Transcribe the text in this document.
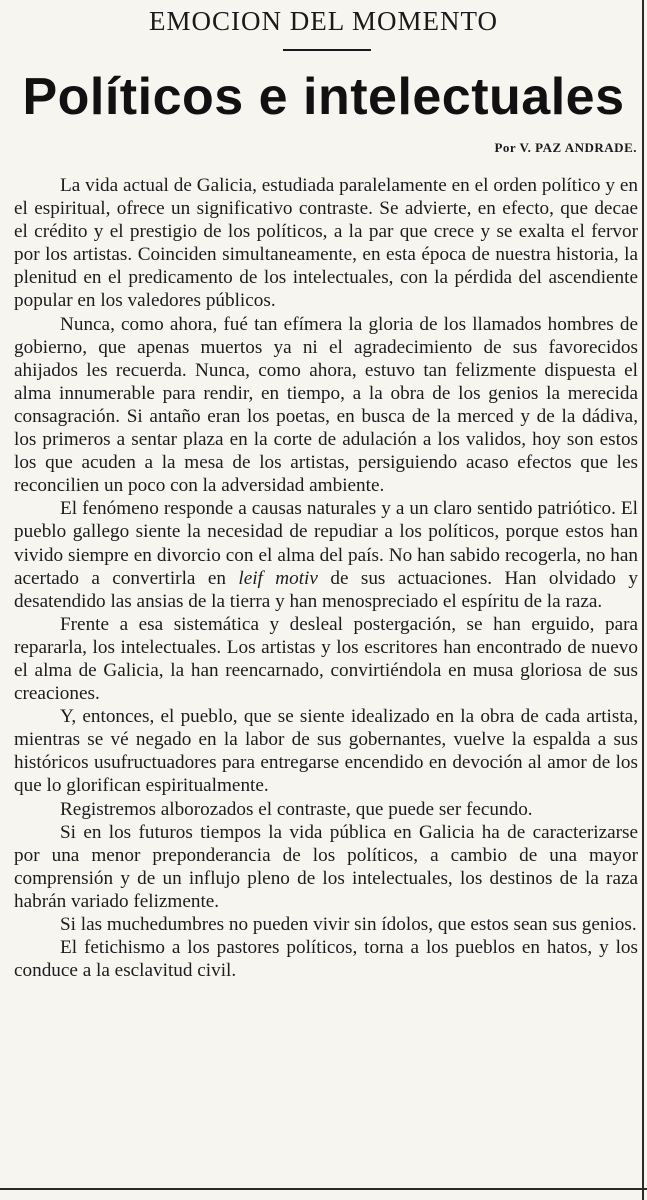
EMOCION DEL MOMENTO
Políticos e intelectuales
Por V. PAZ ANDRADE.

La vida actual de Galicia, estudiada paralelamente en el orden político y en el espiritual, ofrece un significativo contraste. Se advierte, en efecto, que decae el crédito y el prestigio de los políticos, a la par que crece y se exalta el fervor por los artistas. Coinciden simultaneamente, en esta época de nuestra historia, la plenitud en el predicamento de los intelectuales, con la pérdida del ascendiente popular en los valedores públicos.

Nunca, como ahora, fué tan efímera la gloria de los llamados hombres de gobierno, que apenas muertos ya ni el agradecimiento de sus favorecidos ahijados les recuerda. Nunca, como ahora, estuvo tan felizmente dispuesta el alma innumerable para rendir, en tiempo, a la obra de los genios la merecida consagración. Si antaño eran los poetas, en busca de la merced y de la dádiva, los primeros a sentar plaza en la corte de adulación a los validos, hoy son estos los que acuden a la mesa de los artistas, persiguiendo acaso efectos que les reconcilien un poco con la adversidad ambiente.

El fenómeno responde a causas naturales y a un claro sentido patriótico. El pueblo gallego siente la necesidad de repudiar a los políticos, porque estos han vivido siempre en divorcio con el alma del país. No han sabido recogerla, no han acertado a convertirla en leif motiv de sus actuaciones. Han olvidado y desatendido las ansias de la tierra y han menospreciado el espíritu de la raza.

Frente a esa sistemática y desleal postergación, se han erguido, para repararla, los intelectuales. Los artistas y los escritores han encontrado de nuevo el alma de Galicia, la han reencarnado, convirtiéndola en musa gloriosa de sus creaciones.

Y, entonces, el pueblo, que se siente idealizado en la obra de cada artista, mientras se vé negado en la labor de sus gobernantes, vuelve la espalda a sus históricos usufructuadores para entregarse encendido en devoción al amor de los que lo glorifican espiritualmente.

Registremos alborozados el contraste, que puede ser fecundo.

Si en los futuros tiempos la vida pública en Galicia ha de caracterizarse por una menor preponderancia de los políticos, a cambio de una mayor comprensión y de un influjo pleno de los intelectuales, los destinos de la raza habrán variado felizmente.

Si las muchedumbres no pueden vivir sin ídolos, que estos sean sus genios.

El fetichismo a los pastores políticos, torna a los pueblos en hatos, y los conduce a la esclavitud civil.
